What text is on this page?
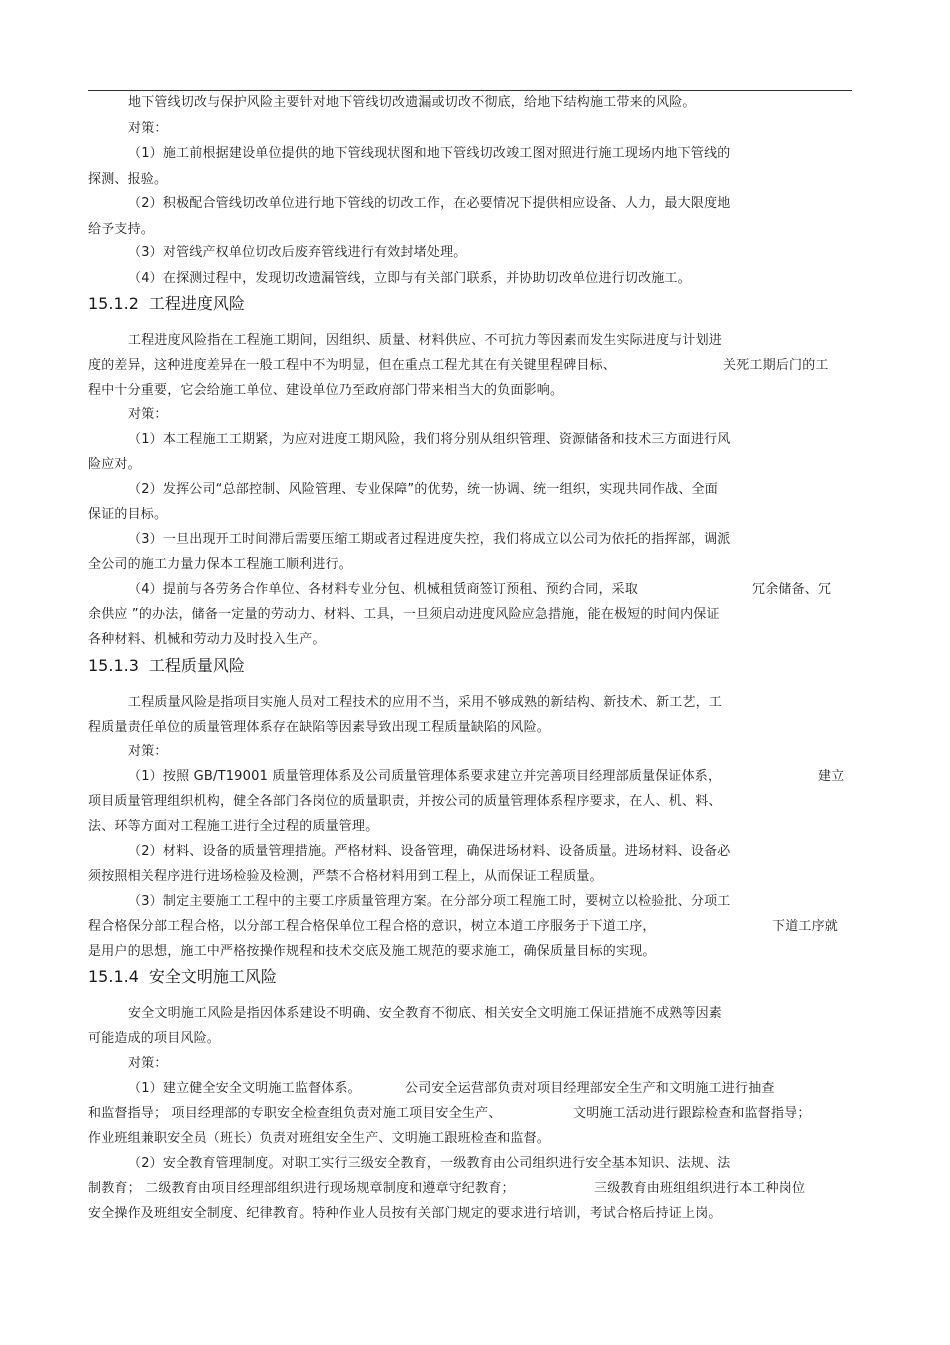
地下管线切改与保护风险主要针对地下管线切改遗漏或切改不彻底，给地下结构施工带来的风险。
对策：
（1）施工前根据建设单位提供的地下管线现状图和地下管线切改竣工图对照进行施工现场内地下管线的
探测、报验。
（2）积极配合管线切改单位进行地下管线的切改工作，在必要情况下提供相应设备、人力，最大限度地
给予支持。
（3）对管线产权单位切改后废弃管线进行有效封堵处理。
（4）在探测过程中，发现切改遗漏管线，立即与有关部门联系，并协助切改单位进行切改施工。
15.1.2 工程进度风险
工程进度风险指在工程施工期间，因组织、质量、材料供应、不可抗力等因素而发生实际进度与计划进
度的差异，这种进度差异在一般工程中不为明显，但在重点工程尤其在有关键里程碑目标、	关死工期后门的工
程中十分重要，它会给施工单位、建设单位乃至政府部门带来相当大的负面影响。
对策：
（1）本工程施工工期紧，为应对进度工期风险，我们将分别从组织管理、资源储备和技术三方面进行风
险应对。
（2）发挥公司“总部控制、风险管理、专业保障”的优势，统一协调、统一组织，实现共同作战、全面
保证的目标。
（3）一旦出现开工时间滞后需要压缩工期或者过程进度失控，我们将成立以公司为依托的指挥部，调派
全公司的施工力量力保本工程施工顺利进行。
（4）提前与各劳务合作单位、各材料专业分包、机械租赁商签订预租、预约合同，采取	冗余储备、冗
余供应 ”的办法，储备一定量的劳动力、材料、工具，一旦须启动进度风险应急措施，能在极短的时间内保证
各种材料、机械和劳动力及时投入生产。
15.1.3 工程质量风险
工程质量风险是指项目实施人员对工程技术的应用不当，采用不够成熟的新结构、新技术、新工艺，工
程质量责任单位的质量管理体系存在缺陷等因素导致出现工程质量缺陷的风险。
对策：
（1）按照 GB/T19001 质量管理体系及公司质量管理体系要求建立并完善项目经理部质量保证体系，	建立
项目质量管理组织机构，健全各部门各岗位的质量职责，并按公司的质量管理体系程序要求，在人、机、料、
法、环等方面对工程施工进行全过程的质量管理。
（2）材料、设备的质量管理措施。严格材料、设备管理，确保进场材料、设备质量。进场材料、设备必
须按照相关程序进行进场检验及检测，严禁不合格材料用到工程上，从而保证工程质量。
（3）制定主要施工工程中的主要工序质量管理方案。在分部分项工程施工时，要树立以检验批、分项工
程合格保分部工程合格，以分部工程合格保单位工程合格的意识，树立本道工序服务于下道工序，	下道工序就
是用户的思想，施工中严格按操作规程和技术交底及施工规范的要求施工，确保质量目标的实现。
15.1.4 安全文明施工风险
安全文明施工风险是指因体系建设不明确、安全教育不彻底、相关安全文明施工保证措施不成熟等因素
可能造成的项目风险。
对策：
（1）建立健全安全文明施工监督体系。	公司安全运营部负责对项目经理部安全生产和文明施工进行抽查
和监督指导； 项目经理部的专职安全检查组负责对施工项目安全生产、	文明施工活动进行跟踪检查和监督指导；
作业班组兼职安全员（班长）负责对班组安全生产、文明施工跟班检查和监督。
（2）安全教育管理制度。对职工实行三级安全教育，一级教育由公司组织进行安全基本知识、法规、法
制教育； 二级教育由项目经理部组织进行现场规章制度和遵章守纪教育；	三级教育由班组组织进行本工种岗位
安全操作及班组安全制度、纪律教育。特种作业人员按有关部门规定的要求进行培训，考试合格后持证上岗。
